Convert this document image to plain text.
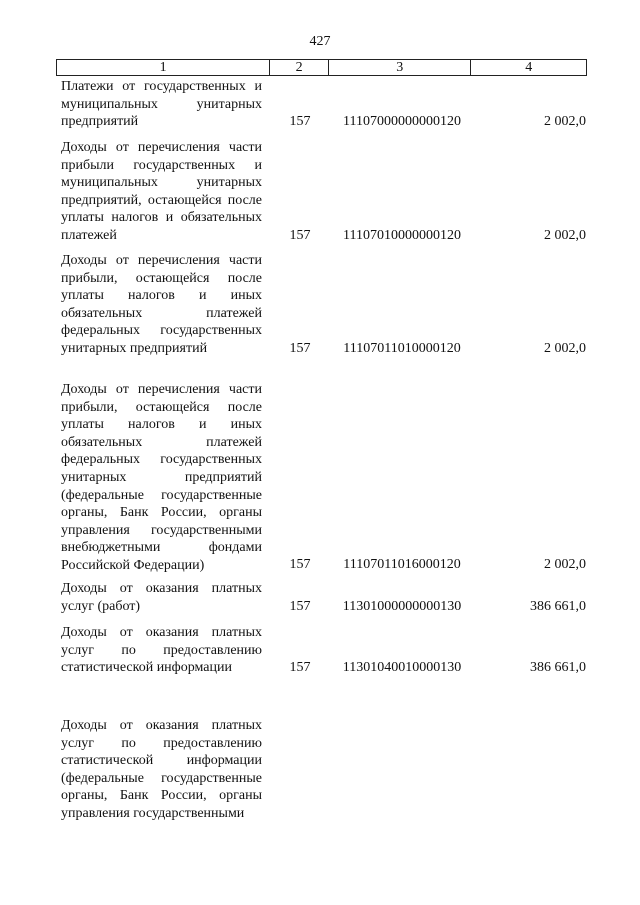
427
1	2	3	4
Платежи от государственных и муниципальных унитарных предприятий	157	11107000000000120	2 002,0
Доходы от перечисления части прибыли государственных и муниципальных унитарных предприятий, остающейся после уплаты налогов и обязательных платежей	157	11107010000000120	2 002,0
Доходы от перечисления части прибыли, остающейся после уплаты налогов и иных обязательных платежей федеральных государственных унитарных предприятий	157	11107011010000120	2 002,0
Доходы от перечисления части прибыли, остающейся после уплаты налогов и иных обязательных платежей федеральных государственных унитарных предприятий (федеральные государственные органы, Банк России, органы управления государственными внебюджетными фондами Российской Федерации)	157	11107011016000120	2 002,0
Доходы от оказания платных услуг (работ)	157	11301000000000130	386 661,0
Доходы от оказания платных услуг по предоставлению статистической информации	157	11301040010000130	386 661,0
Доходы от оказания платных услуг по предоставлению статистической информации (федеральные государственные органы, Банк России, органы управления государственными
